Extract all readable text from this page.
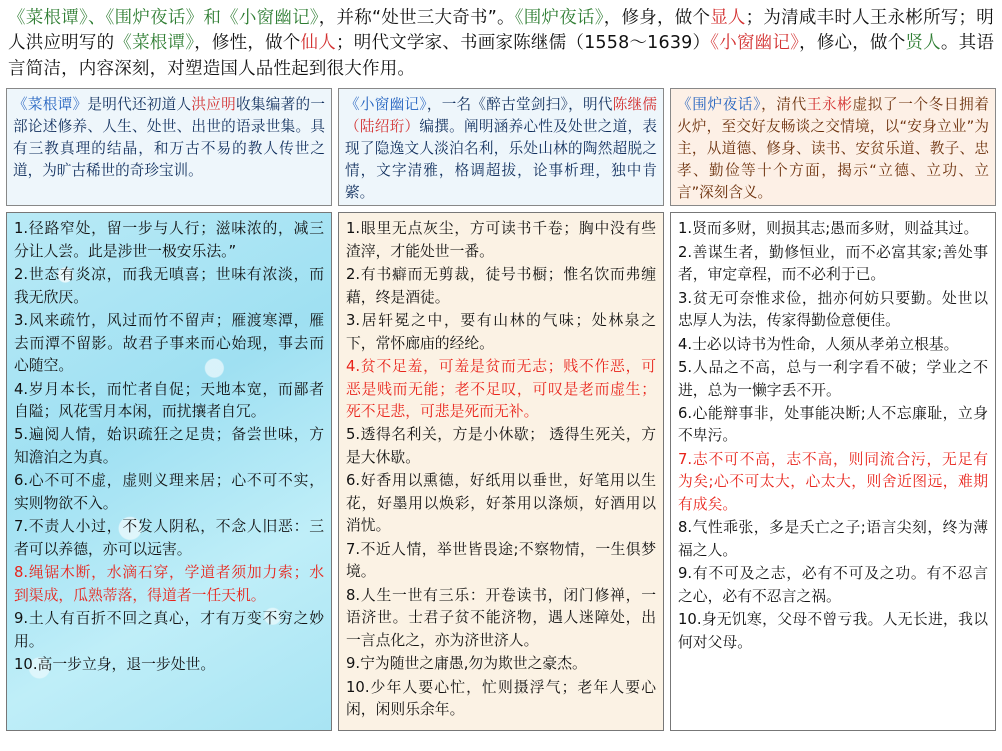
《菜根谭》、《围炉夜话》和《小窗幽记》，并称“处世三大奇书”。《围炉夜话》，修身，做个显人；为清咸丰时人王永彬所写；明人洪应明写的《菜根谭》，修性，做个仙人；明代文学家、书画家陈继儒（1558～1639）《小窗幽记》，修心，做个贤人。其语言简洁，内容深刻，对塑造国人品性起到很大作用。
《菜根谭》是明代还初道人洪应明收集编著的一部论述修养、人生、处世、出世的语录世集。具有三教真理的结晶，和万古不易的教人传世之道，为旷古稀世的奇珍宝训。

1.径路窄处，留一步与人行；滋味浓的，减三分让人尝。此是涉世一极安乐法。”

2.世态有炎凉，而我无嗔喜；世味有浓淡，而我无欣厌。

3.风来疏竹，风过而竹不留声；雁渡寒潭，雁去而潭不留影。故君子事来而心始现，事去而心随空。

4.岁月本长，而忙者自促；天地本宽，而鄙者自隘；风花雪月本闲，而扰攘者自冗。

5.遍阅人情，始识疏狂之足贵；备尝世味，方知澹泊之为真。

6.心不可不虚，虚则义理来居；心不可不实，实则物欲不入。

7.不责人小过，不发人阴私，不念人旧恶：三者可以养德，亦可以远害。

8.绳锯木断，水滴石穿，学道者须加力索；水到渠成，瓜熟蒂落，得道者一任天机。

9.土人有百折不回之真心，才有万变不穷之妙用。

10.高一步立身，退一步处世。

《小窗幽记》，一名《醉古堂剑扫》，明代陈继儒（陆绍珩）编撰。阐明涵养心性及处世之道，表现了隐逸文人淡泊名利，乐处山林的陶然超脱之情，文字清雅，格调超拔，论事析理，独中肯綮。

1.眼里无点灰尘，方可读书千卷；胸中没有些渣滓，才能处世一番。

2.有书癖而无剪裁，徒号书橱；惟名饮而弗缠藉，终是酒徒。

3.居轩冕之中，要有山林的气味；处林泉之下，常怀廊庙的经纶。

4.贫不足羞，可羞是贫而无志；贱不作恶，可恶是贱而无能；老不足叹，可叹是老而虚生；死不足悲，可悲是死而无补。

5.透得名利关，方是小休歇； 透得生死关，方是大休歇。

6.好香用以熏德，好纸用以垂世，好笔用以生花，好墨用以焕彩，好茶用以涤烦，好酒用以消忧。

7.不近人情，举世皆畏途;不察物情，一生俱梦境。

8.人生一世有三乐：开卷读书，闭门修禅，一语济世。士君子贫不能济物，遇人迷障处，出一言点化之，亦为济世济人。

9.宁为随世之庸愚,勿为欺世之豪杰。

10.少年人要心忙，忙则摄浮气；老年人要心闲，闲则乐余年。

《围炉夜话》，清代王永彬虚拟了一个冬日拥着火炉，至交好友畅谈之交情境，以“安身立业”为主，从道德、修身、读书、安贫乐道、教子、忠孝、勤俭等十个方面，揭示“立德、立功、立言”深刻含义。

1.贤而多财，则损其志;愚而多财，则益其过。

2.善谋生者，勤修恒业，而不必富其家;善处事者，审定章程，而不必利于已。

3.贫无可奈惟求俭，拙亦何妨只要勤。处世以忠厚人为法，传家得勤俭意便佳。

4.士必以诗书为性命，人须从孝弟立根基。

5.人品之不高，总与一利字看不破；学业之不进，总为一懒字丢不开。

6.心能辩事非，处事能决断;人不忘廉耻，立身不卑污。

7.志不可不高，志不高，则同流合污，无足有为矣;心不可太大，心太大，则舍近图远，难期有成矣。

8.气性乖张，多是夭亡之子;语言尖刻，终为薄福之人。

9.有不可及之志，必有不可及之功。有不忍言之心，必有不忍言之祸。

10.身无饥寒，父母不曾亏我。人无长进，我以何对父母。
